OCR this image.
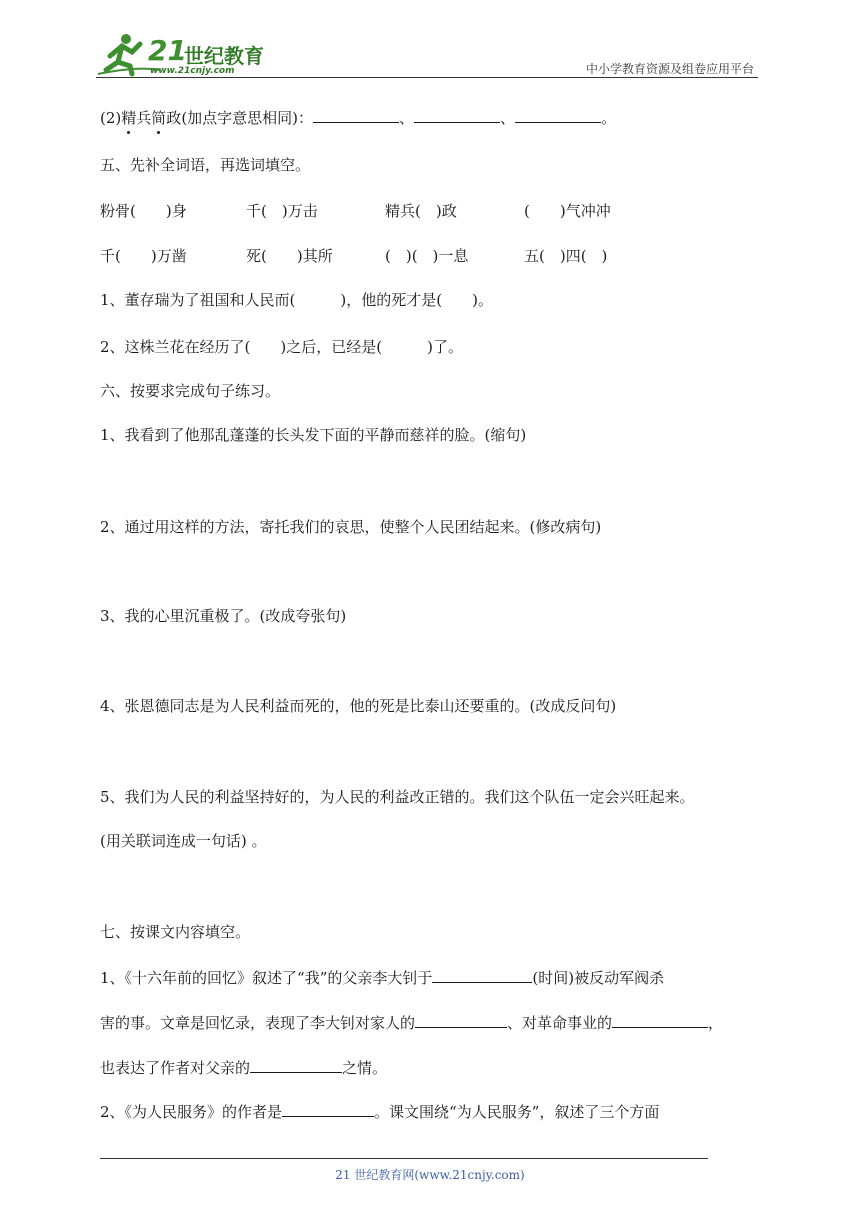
21
世纪教育
www.21cnjy.com	中小学教育资源及组卷应用平台
(2)精兵简政(加点字意思相同)：	、	、	。
五、先补全词语，再选词填空。
粉骨(　　)身	千(　)万击	精兵(　)政	(　　)气冲冲
千(　　)万凿	死(　　)其所	(　)(　)一息	五(　)四(　)
1、董存瑞为了祖国和人民而(　　　)，他的死才是(　　)。
2、这株兰花在经历了(　　)之后，已经是(　　　)了。
六、按要求完成句子练习。
1、我看到了他那乱蓬蓬的长头发下面的平静而慈祥的脸。(缩句)
2、通过用这样的方法，寄托我们的哀思，使整个人民团结起来。(修改病句)
3、我的心里沉重极了。(改成夸张句)
4、张恩德同志是为人民利益而死的，他的死是比泰山还要重的。(改成反问句)
5、我们为人民的利益坚持好的，为人民的利益改正错的。我们这个队伍一定会兴旺起来。
(用关联词连成一句话) 。
七、按课文内容填空。
1、《十六年前的回忆》叙述了“我”的父亲李大钊于	(时间)被反动军阀杀
害的事。文章是回忆录，表现了李大钊对家人的	、对革命事业的	，
也表达了作者对父亲的	之情。
2、《为人民服务》的作者是	。课文围绕“为人民服务”，叙述了三个方面
21 世纪教育网(www.21cnjy.com)
